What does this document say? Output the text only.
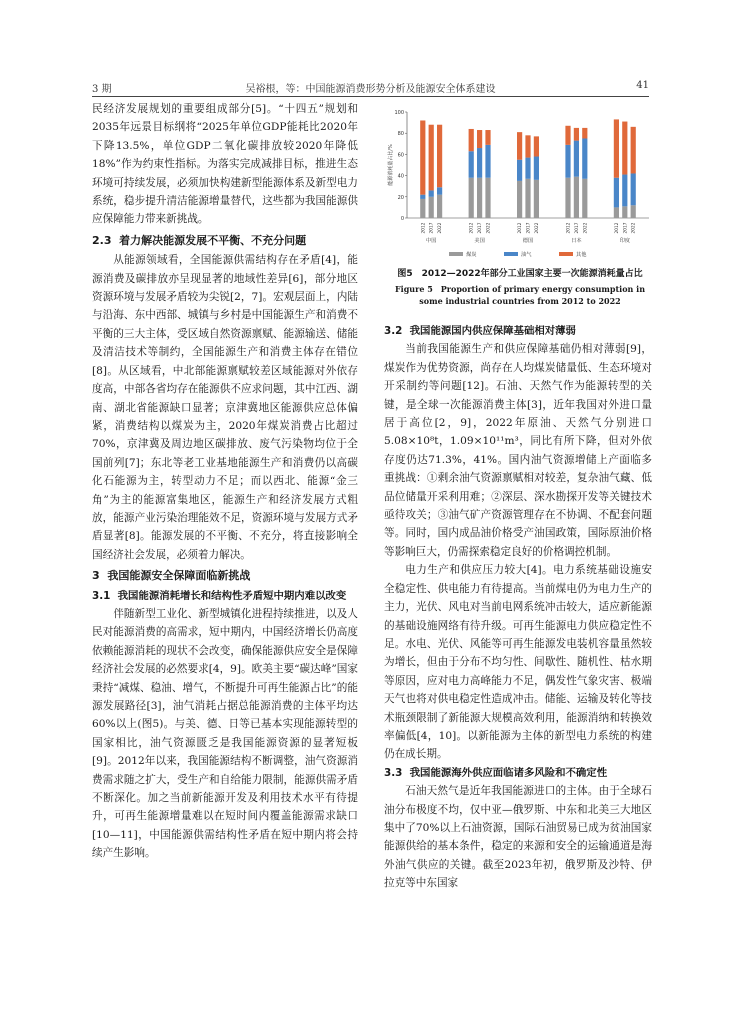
3 期	吴裕根，等：中国能源消费形势分析及能源安全体系建设	41

民经济发展规划的重要组成部分[5]。“十四五”规划和2035年远景目标纲将“2025年单位GDP能耗比2020年下降13.5%，单位GDP二氧化碳排放较2020年降低18%”作为约束性指标。为落实完成减排目标，推进生态环境可持续发展，必须加快构建新型能源体系及新型电力系统，稳步提升清洁能源增量替代，这些都为我国能源供应保障能力带来新挑战。

2.3 着力解决能源发展不平衡、不充分问题

从能源领域看，全国能源供需结构存在矛盾[4]，能源消费及碳排放亦呈现显著的地域性差异[6]，部分地区资源环境与发展矛盾较为尖锐[2，7]。宏观层面上，内陆与沿海、东中西部、城镇与乡村是中国能源生产和消费不平衡的三大主体，受区域自然资源禀赋、能源输送、储能及清洁技术等制约，全国能源生产和消费主体存在错位[8]。从区域看，中北部能源禀赋较差区域能源对外依存度高，中部各省均存在能源供不应求问题，其中江西、湖南、湖北省能源缺口显著；京津冀地区能源供应总体偏紧，消费结构以煤炭为主，2020年煤炭消费占比超过70%，京津冀及周边地区碳排放、废气污染物均位于全国前列[7]；东北等老工业基地能源生产和消费仍以高碳化石能源为主，转型动力不足；而以西北、能源“金三角”为主的能源富集地区，能源生产和经济发展方式粗放，能源产业污染治理能效不足，资源环境与发展方式矛盾显著[8]。能源发展的不平衡、不充分，将直接影响全国经济社会发展，必须着力解决。

3 我国能源安全保障面临新挑战
3.1 我国能源消耗增长和结构性矛盾短中期内难以改变

伴随新型工业化、新型城镇化进程持续推进，以及人民对能源消费的高需求，短中期内，中国经济增长仍高度依赖能源消耗的现状不会改变，确保能源供应安全是保障经济社会发展的必然要求[4，9]。欧美主要“碳达峰”国家秉持“减煤、稳油、增气，不断提升可再生能源占比”的能源发展路径[3]，油气消耗占据总能源消费的主体平均达60%以上(图5)。与美、德、日等已基本实现能源转型的国家相比，油气资源匮乏是我国能源资源的显著短板[9]。2012年以来，我国能源结构不断调整，油气资源消费需求随之扩大，受生产和自给能力限制，能源供需矛盾不断深化。加之当前新能源开发及利用技术水平有待提升，可再生能源增量难以在短时间内覆盖能源需求缺口[10—11]，中国能源供需结构性矛盾在短中期内将会持续产生影响。

能源消耗量占比/%
0
20
40
60
80
100
2012 2017 2022
中国
2012 2017 2022
美国
2012 2017 2022
德国
2012 2017 2022
日本
2012 2017 2022
印度
煤炭	油气	其他
图5　2012—2022年部分工业国家主要一次能源消耗量占比
Figure 5　Proportion of primary energy consumption in some industrial countries from 2012 to 2022
3.2 我国能源国内供应保障基础相对薄弱

当前我国能源生产和供应保障基础仍相对薄弱[9]，煤炭作为优势资源，尚存在人均煤炭储量低、生态环境对开采制约等问题[12]。石油、天然气作为能源转型的关键，是全球一次能源消费主体[3]，近年我国对外进口量居于高位[2，9]，2022年原油、天然气分别进口5.08×10⁸t，1.09×10¹¹m³，同比有所下降，但对外依存度仍达71.3%，41%。国内油气资源增储上产面临多重挑战：①剩余油气资源禀赋相对较差，复杂油气藏、低品位储量开采利用难；②深层、深水勘探开发等关键技术亟待攻关；③油气矿产资源管理存在不协调、不配套问题等。同时，国内成品油价格受产油国政策，国际原油价格等影响巨大，仍需探索稳定良好的价格调控机制。

电力生产和供应压力较大[4]。电力系统基础设施安全稳定性、供电能力有待提高。当前煤电仍为电力生产的主力，光伏、风电对当前电网系统冲击较大，适应新能源的基础设施网络有待升级。可再生能源电力供应稳定性不足。水电、光伏、风能等可再生能源发电装机容量虽然较为增长，但由于分布不均匀性、间歇性、随机性、枯水期等原因，应对电力高峰能力不足，偶发性气象灾害、极端天气也将对供电稳定性造成冲击。储能、运输及转化等技术瓶颈限制了新能源大规模高效利用，能源消纳和转换效率偏低[4，10]。以新能源为主体的新型电力系统的构建仍在成长期。

3.3 我国能源海外供应面临诸多风险和不确定性

石油天然气是近年我国能源进口的主体。由于全球石油分布极度不均，仅中亚—俄罗斯、中东和北美三大地区集中了70%以上石油资源，国际石油贸易已成为贫油国家能源供给的基本条件，稳定的来源和安全的运输通道是海外油气供应的关键。截至2023年初，俄罗斯及沙特、伊拉克等中东国家
